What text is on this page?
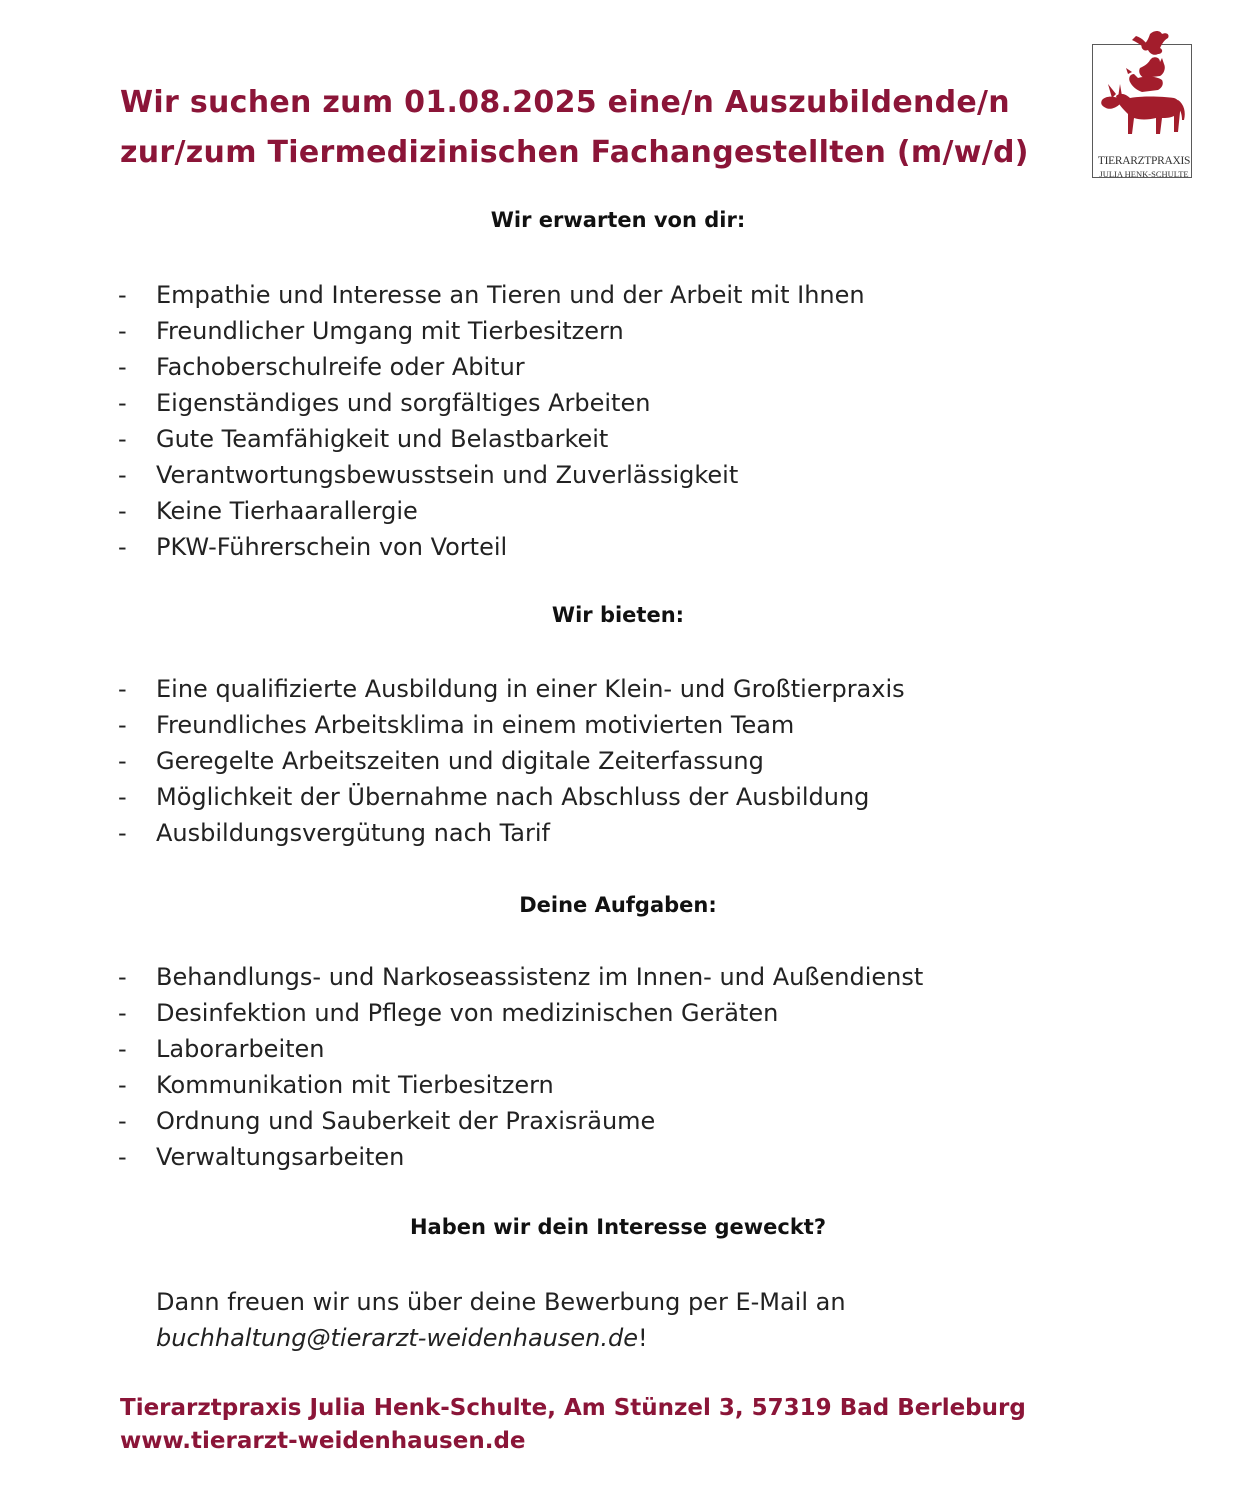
Wir suchen zum 01.08.2025 eine/n Auszubildende/n
zur/zum Tiermedizinischen Fachangestellten (m/w/d)	TIERARZTPRAXIS
JULIA HENK-SCHULTE
Wir erwarten von dir:
- Empathie und Interesse an Tieren und der Arbeit mit Ihnen
- Freundlicher Umgang mit Tierbesitzern
- Fachoberschulreife oder Abitur
- Eigenständiges und sorgfältiges Arbeiten
- Gute Teamfähigkeit und Belastbarkeit
- Verantwortungsbewusstsein und Zuverlässigkeit
- Keine Tierhaarallergie
- PKW-Führerschein von Vorteil
Wir bieten:
- Eine qualifizierte Ausbildung in einer Klein- und Großtierpraxis
- Freundliches Arbeitsklima in einem motivierten Team
- Geregelte Arbeitszeiten und digitale Zeiterfassung
- Möglichkeit der Übernahme nach Abschluss der Ausbildung
- Ausbildungsvergütung nach Tarif
Deine Aufgaben:
- Behandlungs- und Narkoseassistenz im Innen- und Außendienst
- Desinfektion und Pflege von medizinischen Geräten
- Laborarbeiten
- Kommunikation mit Tierbesitzern
- Ordnung und Sauberkeit der Praxisräume
- Verwaltungsarbeiten
Haben wir dein Interesse geweckt?
Dann freuen wir uns über deine Bewerbung per E-Mail an
buchhaltung@tierarzt-weidenhausen.de!
Tierarztpraxis Julia Henk-Schulte, Am Stünzel 3, 57319 Bad Berleburg
www.tierarzt-weidenhausen.de
